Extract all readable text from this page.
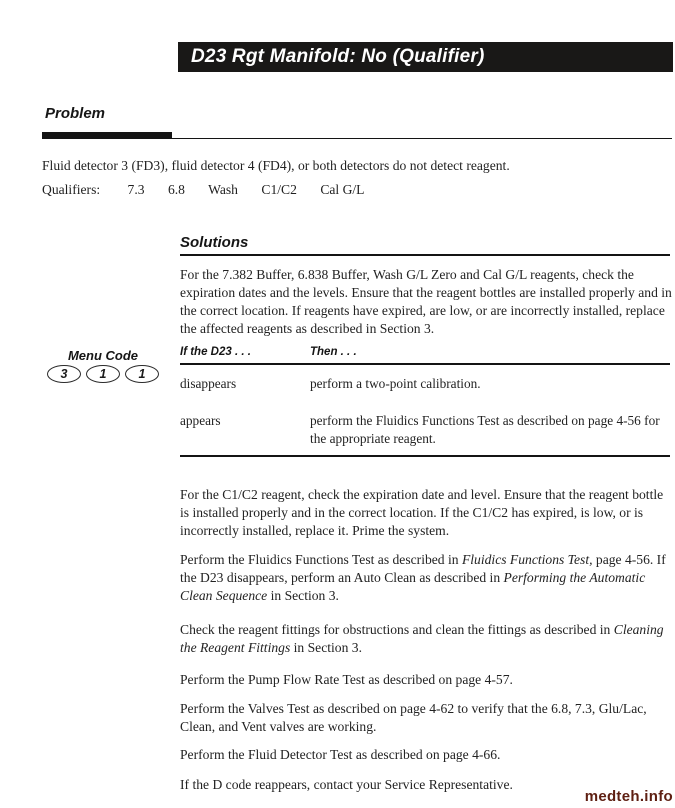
D23 Rgt Manifold: No (Qualifier)
Problem

Fluid detector 3 (FD3), fluid detector 4 (FD4), or both detectors do not detect reagent.

Qualifiers: 7.3 6.8 Wash C1/C2 Cal G/L
Solutions

For the 7.382 Buffer, 6.838 Buffer, Wash G/L Zero and Cal G/L reagents, check the expiration dates and the levels. Ensure that the reagent bottles are installed properly and in the correct location. If reagents have expired, are low, or are incorrectly installed, replace the affected reagents as described in Section 3.

Menu Code
3	1	1
If the D23 . . .	Then . . .

disappears	perform a two-point calibration.

appears	perform the Fluidics Functions Test as described on page 4-56 for the appropriate reagent.

For the C1/C2 reagent, check the expiration date and level. Ensure that the reagent bottle is installed properly and in the correct location. If the C1/C2 has expired, is low, or is incorrectly installed, replace it. Prime the system.

Perform the Fluidics Functions Test as described in Fluidics Functions Test, page 4-56. If the D23 disappears, perform an Auto Clean as described in Performing the Automatic Clean Sequence in Section 3.

Check the reagent fittings for obstructions and clean the fittings as described in Cleaning the Reagent Fittings in Section 3.

Perform the Pump Flow Rate Test as described on page 4-57.

Perform the Valves Test as described on page 4-62 to verify that the 6.8, 7.3, Glu/Lac, Clean, and Vent valves are working.

Perform the Fluid Detector Test as described on page 4-66.

If the D code reappears, contact your Service Representative.

medteh.info
